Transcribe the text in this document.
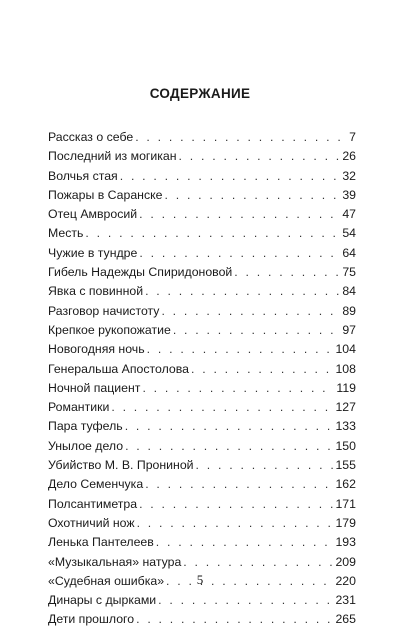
СОДЕРЖАНИЕ
Рассказ о себе . . .	7
Последний из могикан . . .	26
Волчья стая . . .	32
Пожары в Саранске . . .	39
Отец Амвросий . . .	47
Месть . . .	54
Чужие в тундре . . .	64
Гибель Надежды Спиридоновой . . .	75
Явка с повинной . . .	84
Разговор начистоту . . .	89
Крепкое рукопожатие . . .	97
Новогодняя ночь . . .	104
Генеральша Апостолова . . .	108
Ночной пациент . . .	119
Романтики . . .	127
Пара туфель . . .	133
Унылое дело . . .	150
Убийство М. В. Прониной . . .	155
Дело Семенчука . . .	162
Полсантиметра . . .	171
Охотничий нож . . .	179
Ленька Пантелеев . . .	193
«Музыкальная» натура . . .	209
«Судебная ошибка» . . .	220
Динары с дырками . . .	231
Дети прошлого . . .	265
5
